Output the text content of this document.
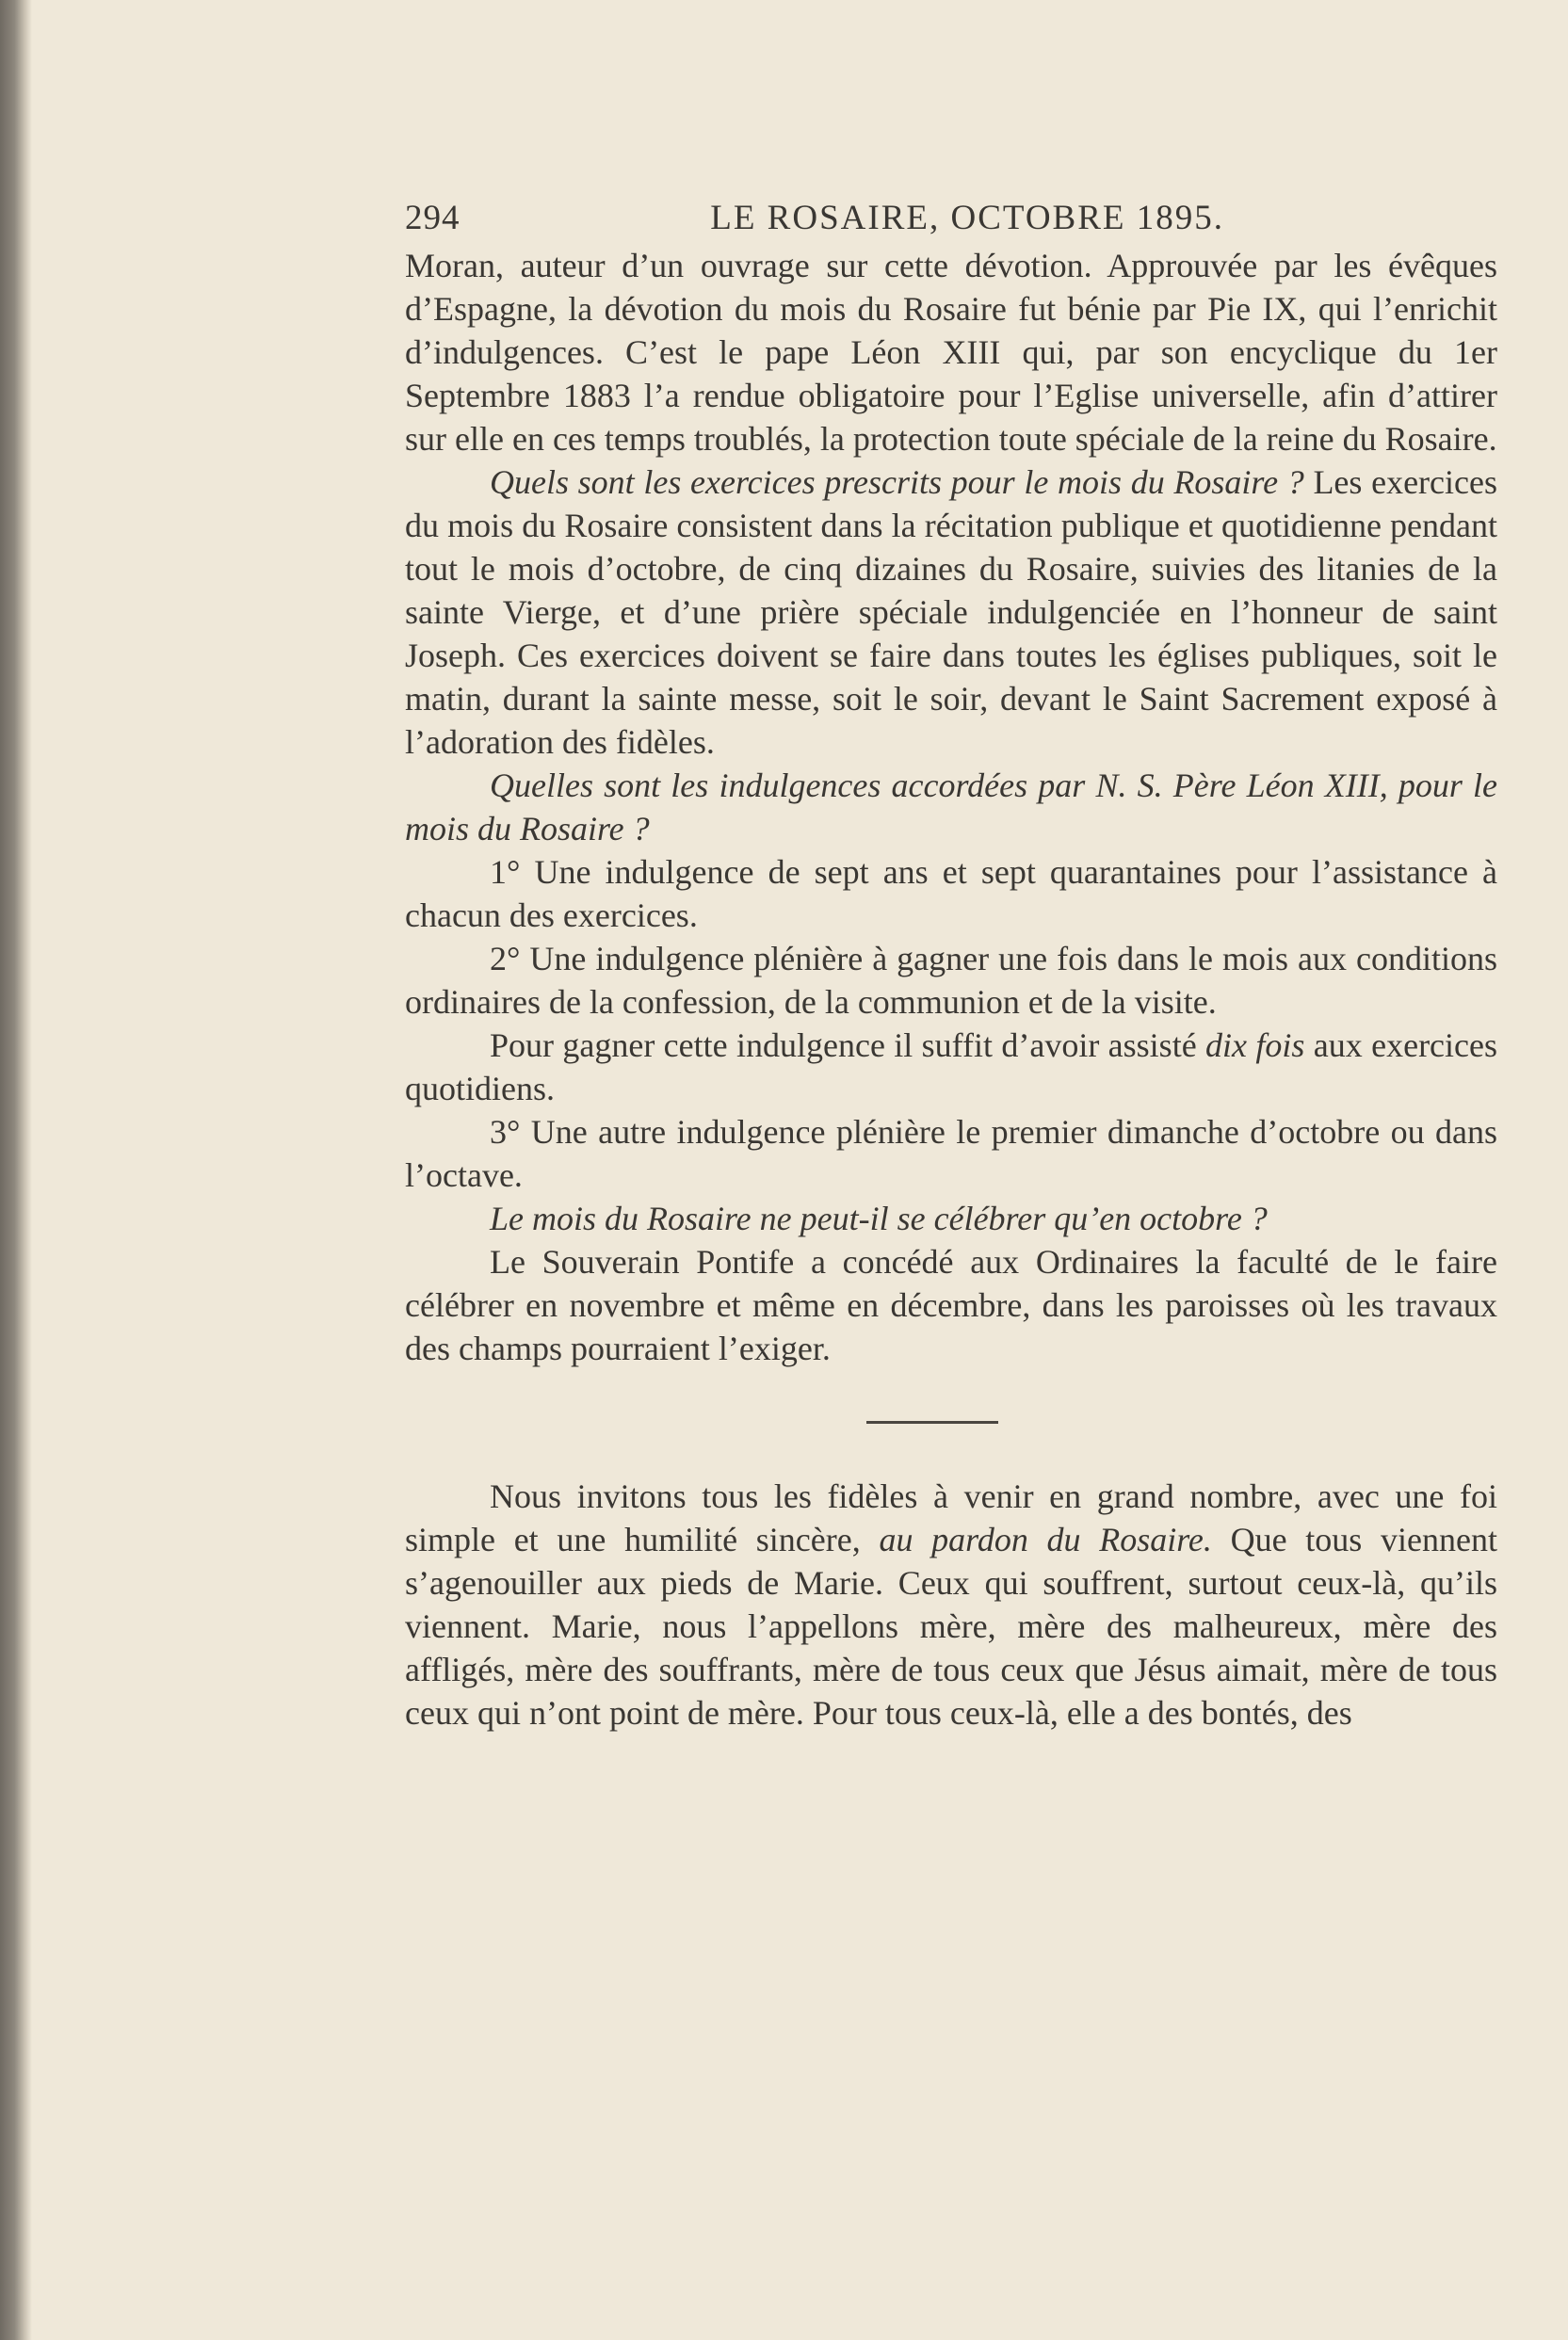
294	LE ROSAIRE, OCTOBRE 1895.

Moran, auteur d’un ouvrage sur cette dévotion. Approuvée par les évêques d’Espagne, la dévotion du mois du Rosaire fut bénie par Pie IX, qui l’enrichit d’indulgences. C’est le pape Léon XIII qui, par son encyclique du 1er Septembre 1883 l’a rendue obligatoire pour l’Eglise universelle, afin d’attirer sur elle en ces temps troublés, la protection toute spéciale de la reine du Rosaire.

Quels sont les exercices prescrits pour le mois du Rosaire ? Les exercices du mois du Rosaire consistent dans la récitation publique et quotidienne pendant tout le mois d’octobre, de cinq dizaines du Rosaire, suivies des litanies de la sainte Vierge, et d’une prière spéciale indulgenciée en l’honneur de saint Joseph. Ces exercices doivent se faire dans toutes les églises publiques, soit le matin, durant la sainte messe, soit le soir, devant le Saint Sacrement exposé à l’adoration des fidèles.

Quelles sont les indulgences accordées par N. S. Père Léon XIII, pour le mois du Rosaire ?

1° Une indulgence de sept ans et sept quarantaines pour l’assistance à chacun des exercices.

2° Une indulgence plénière à gagner une fois dans le mois aux conditions ordinaires de la confession, de la communion et de la visite.

Pour gagner cette indulgence il suffit d’avoir assisté dix fois aux exercices quotidiens.

3° Une autre indulgence plénière le premier dimanche d’octobre ou dans l’octave.

Le mois du Rosaire ne peut-il se célébrer qu’en octobre ?

Le Souverain Pontife a concédé aux Ordinaires la faculté de le faire célébrer en novembre et même en décembre, dans les paroisses où les travaux des champs pourraient l’exiger.

Nous invitons tous les fidèles à venir en grand nombre, avec une foi simple et une humilité sincère, au pardon du Rosaire. Que tous viennent s’agenouiller aux pieds de Marie. Ceux qui souffrent, surtout ceux-là, qu’ils viennent. Marie, nous l’appellons mère, mère des malheureux, mère des affligés, mère des souffrants, mère de tous ceux que Jésus aimait, mère de tous ceux qui n’ont point de mère. Pour tous ceux-là, elle a des bontés, des
